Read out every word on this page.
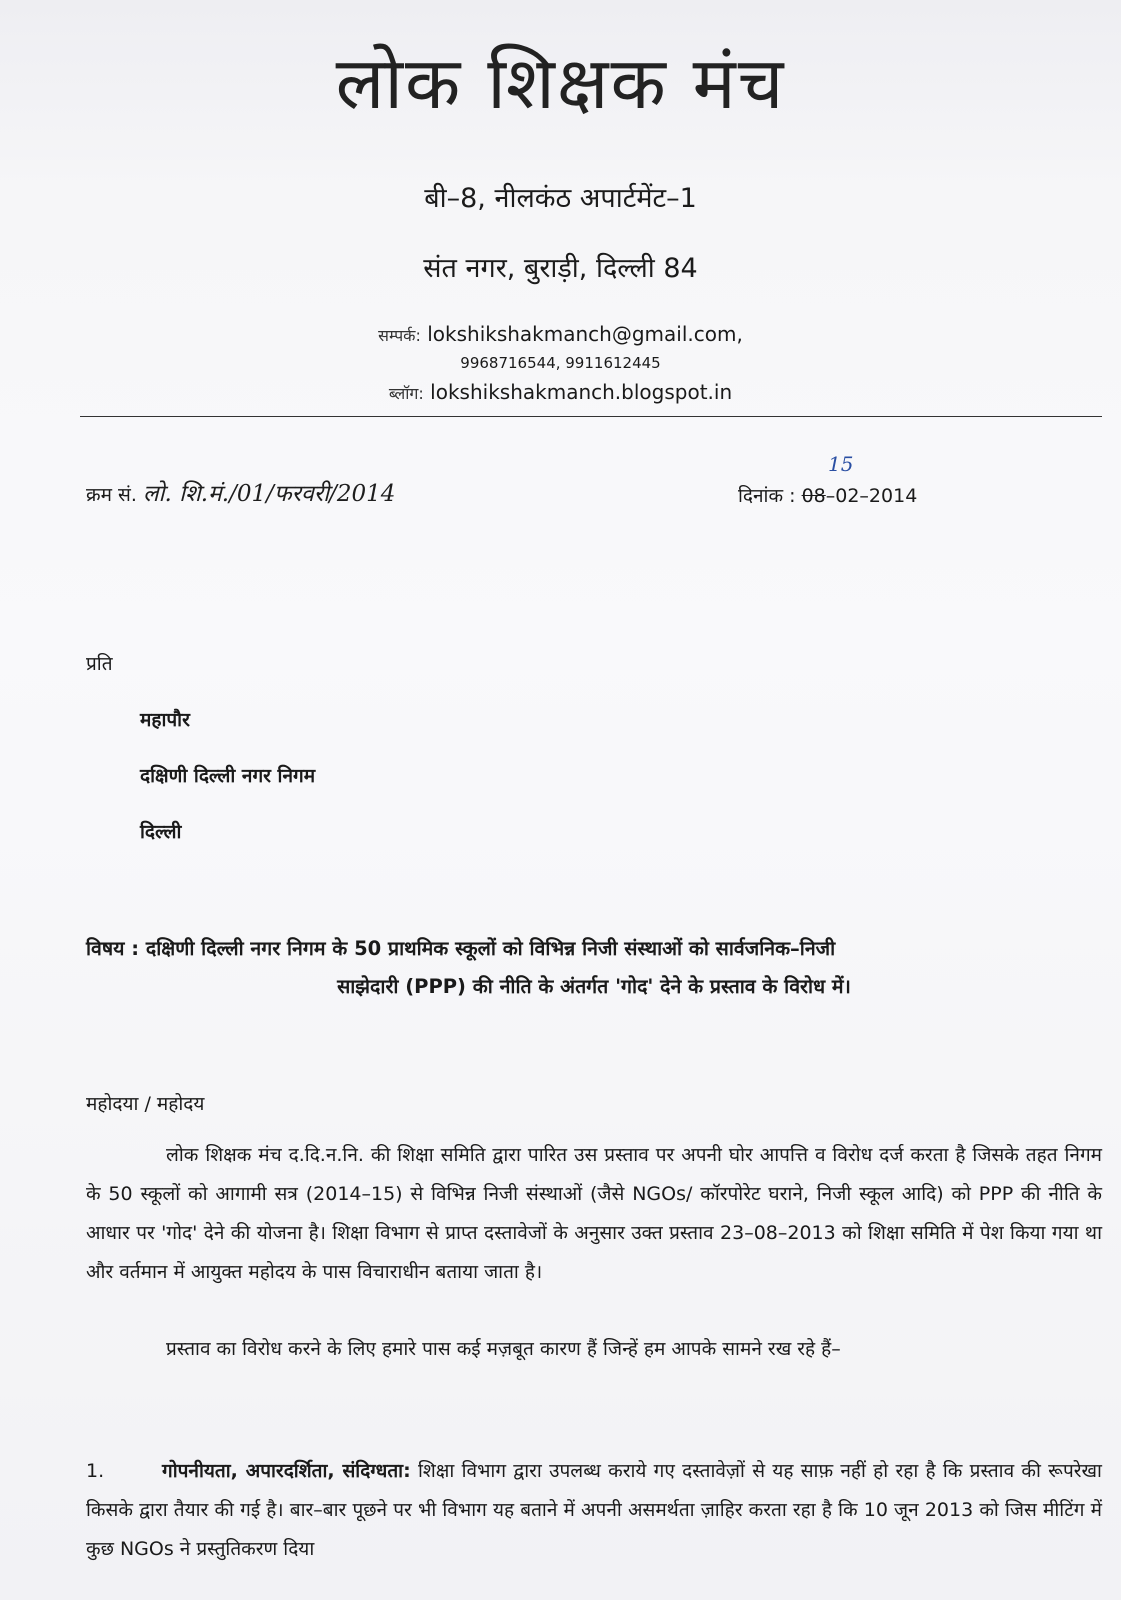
लोक शिक्षक मंच
बी–8, नीलकंठ अपार्टमेंट–1
संत नगर, बुराड़ी, दिल्ली 84
सम्पर्क: lokshikshakmanch@gmail.com,
9968716544, 9911612445
ब्लॉग: lokshikshakmanch.blogspot.in
क्रम सं. लो. शि.मं./01/फरवरी/2014
15
दिनांक : 08–02–2014
प्रति
महापौर
दक्षिणी दिल्ली नगर निगम
दिल्ली
विषय : दक्षिणी दिल्ली नगर निगम के 50 प्राथमिक स्कूलों को विभिन्न निजी संस्थाओं को सार्वजनिक–निजी
साझेदारी (PPP) की नीति के अंतर्गत 'गोद' देने के प्रस्ताव के विरोध में।
महोदया / महोदय
लोक शिक्षक मंच द.दि.न.नि. की शिक्षा समिति द्वारा पारित उस प्रस्ताव पर अपनी घोर आपत्ति व विरोध दर्ज करता है जिसके तहत निगम के 50 स्कूलों को आगामी सत्र (2014–15) से विभिन्न निजी संस्थाओं (जैसे NGOs/ कॉरपोरेट घराने, निजी स्कूल आदि) को PPP की नीति के आधार पर 'गोद' देने की योजना है। शिक्षा विभाग से प्राप्त दस्तावेजों के अनुसार उक्त प्रस्ताव 23–08–2013 को शिक्षा समिति में पेश किया गया था और वर्तमान में आयुक्त महोदय के पास विचाराधीन बताया जाता है।
प्रस्ताव का विरोध करने के लिए हमारे पास कई मज़बूत कारण हैं जिन्हें हम आपके सामने रख रहे हैं–
1.	गोपनीयता, अपारदर्शिता, संदिग्धता: शिक्षा विभाग द्वारा उपलब्ध कराये गए दस्तावेज़ों से यह साफ़ नहीं हो रहा है कि प्रस्ताव की रूपरेखा किसके द्वारा तैयार की गई है। बार–बार पूछने पर भी विभाग यह बताने में अपनी असमर्थता ज़ाहिर करता रहा है कि 10 जून 2013 को जिस मीटिंग में कुछ NGOs ने प्रस्तुतिकरण दिया
